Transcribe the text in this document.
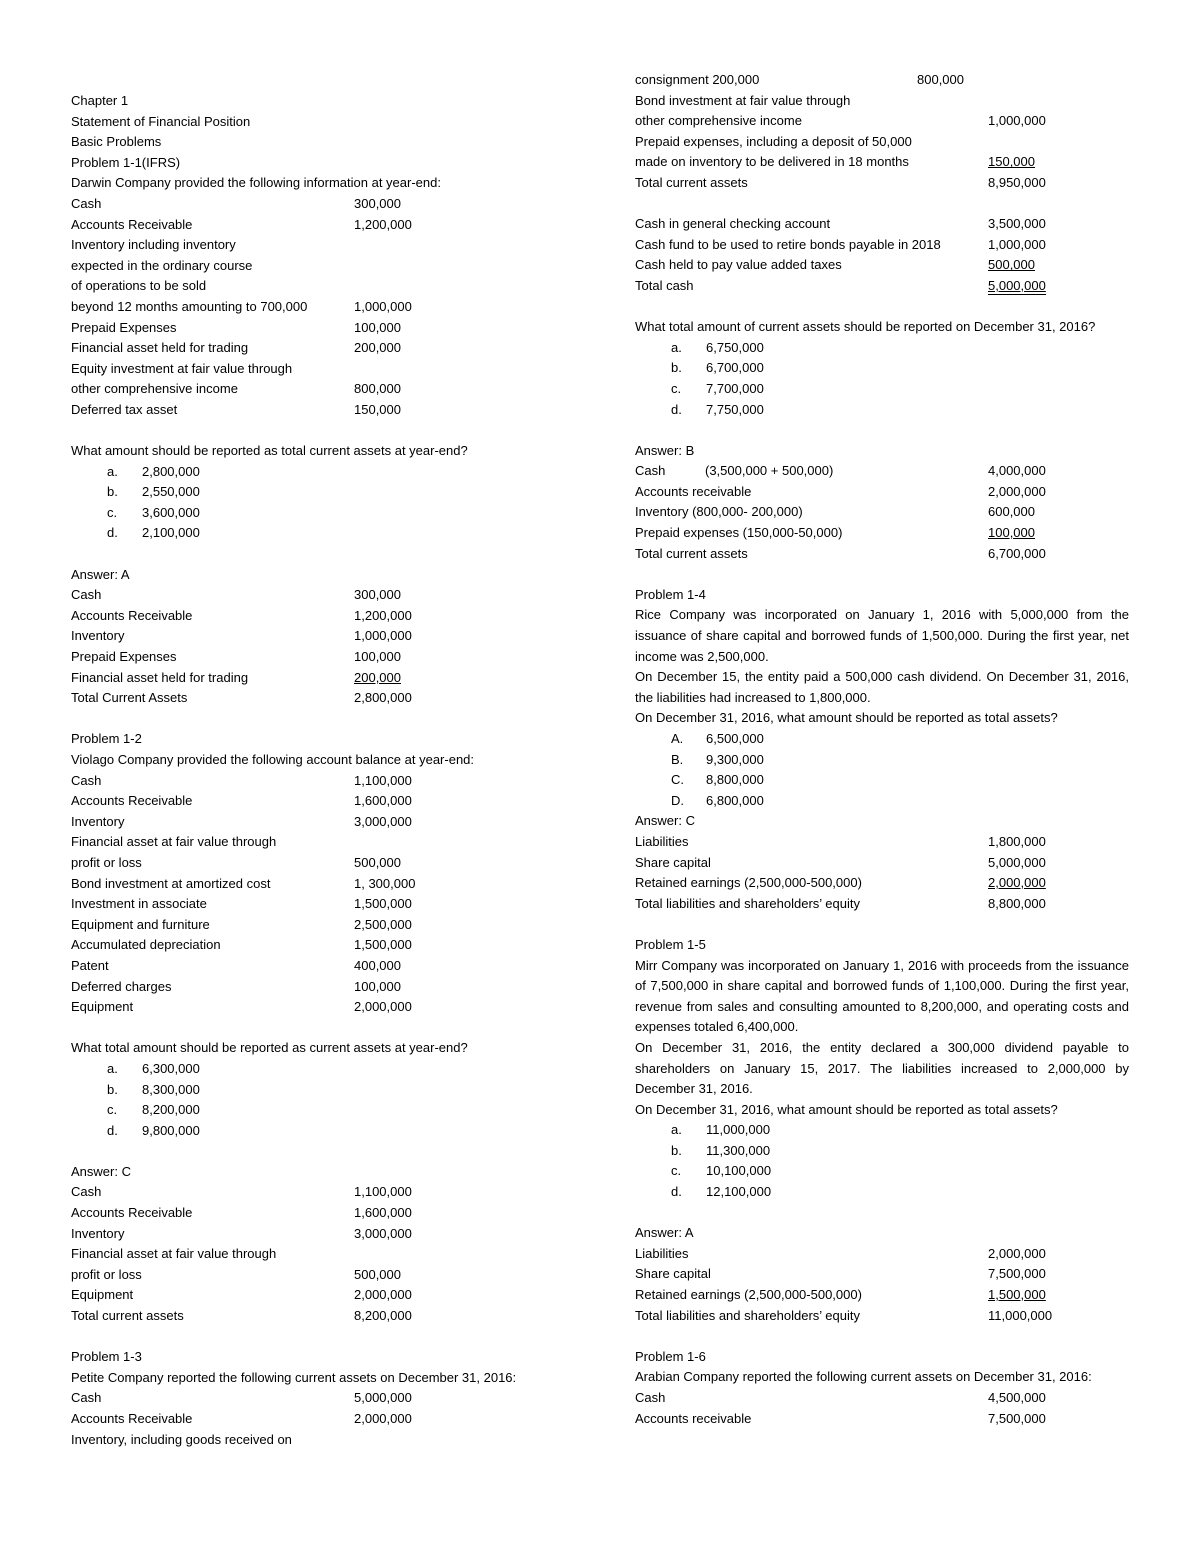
Chapter 1
Statement of Financial Position
Basic Problems
Problem 1-1(IFRS)
Darwin Company provided the following information at year-end:
Cash	300,000
Accounts Receivable	1,200,000
Inventory including inventory
expected in the ordinary course
of operations to be sold
beyond 12 months amounting to 700,000	1,000,000
Prepaid Expenses	100,000
Financial asset held for trading	200,000
Equity investment at fair value through
other comprehensive income	800,000
Deferred tax asset	150,000
What amount should be reported as total current assets at year-end?
a. 2,800,000
b. 2,550,000
c. 3,600,000
d. 2,100,000
Answer: A
Cash	300,000
Accounts Receivable	1,200,000
Inventory	1,000,000
Prepaid Expenses	100,000
Financial asset held for trading	200,000
Total Current Assets	2,800,000
Problem 1-2
Violago Company provided the following account balance at year-end:
Cash	1,100,000
Accounts Receivable	1,600,000
Inventory	3,000,000
Financial asset at fair value through
profit or loss	500,000
Bond investment at amortized cost	1, 300,000
Investment in associate	1,500,000
Equipment and furniture	2,500,000
Accumulated depreciation	1,500,000
Patent	400,000
Deferred charges	100,000
Equipment	2,000,000
What total amount should be reported as current assets at year-end?
a. 6,300,000
b. 8,300,000
c. 8,200,000
d. 9,800,000
Answer: C
Cash	1,100,000
Accounts Receivable	1,600,000
Inventory	3,000,000
Financial asset at fair value through
profit or loss	500,000
Equipment	2,000,000
Total current assets	8,200,000
Problem 1-3
Petite Company reported the following current assets on December 31, 2016:
Cash	5,000,000
Accounts Receivable	2,000,000
Inventory, including goods received on
consignment 200,000	800,000
Bond investment at fair value through
other comprehensive income	1,000,000
Prepaid expenses, including a deposit of 50,000
made on inventory to be delivered in 18 months	150,000
Total current assets	8,950,000
Cash in general checking account	3,500,000
Cash fund to be used to retire bonds payable in 2018	1,000,000
Cash held to pay value added taxes	500,000
Total cash	5,000,000
What total amount of current assets should be reported on December 31, 2016?
a. 6,750,000
b. 6,700,000
c. 7,700,000
d. 7,750,000
Answer: B
Cash	(3,500,000 + 500,000)	4,000,000
Accounts receivable	2,000,000
Inventory (800,000- 200,000)	600,000
Prepaid expenses (150,000-50,000)	100,000
Total current assets	6,700,000
Problem 1-4
Rice Company was incorporated on January 1, 2016 with 5,000,000 from the issuance of share capital and borrowed funds of 1,500,000. During the first year, net income was 2,500,000.
On December 15, the entity paid a 500,000 cash dividend. On December 31, 2016, the liabilities had increased to 1,800,000.
On December 31, 2016, what amount should be reported as total assets?
A. 6,500,000
B. 9,300,000
C. 8,800,000
D. 6,800,000
Answer: C
Liabilities	1,800,000
Share capital	5,000,000
Retained earnings (2,500,000-500,000)	2,000,000
Total liabilities and shareholders’ equity	8,800,000
Problem 1-5
Mirr Company was incorporated on January 1, 2016 with proceeds from the issuance of 7,500,000 in share capital and borrowed funds of 1,100,000. During the first year, revenue from sales and consulting amounted to 8,200,000, and operating costs and expenses totaled 6,400,000.
On December 31, 2016, the entity declared a 300,000 dividend payable to shareholders on January 15, 2017. The liabilities increased to 2,000,000 by December 31, 2016.
On December 31, 2016, what amount should be reported as total assets?
a. 11,000,000
b. 11,300,000
c. 10,100,000
d. 12,100,000
Answer: A
Liabilities	2,000,000
Share capital	7,500,000
Retained earnings (2,500,000-500,000)	1,500,000
Total liabilities and shareholders’ equity	11,000,000
Problem 1-6
Arabian Company reported the following current assets on December 31, 2016:
Cash	4,500,000
Accounts receivable	7,500,000
